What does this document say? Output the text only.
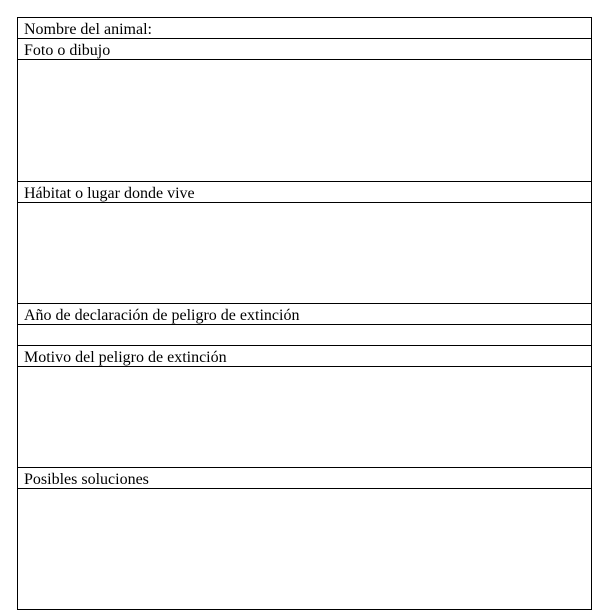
Nombre del animal:
Foto o dibujo
Hábitat o lugar donde vive
Año de declaración de peligro de extinción
Motivo del peligro de extinción
Posibles soluciones
